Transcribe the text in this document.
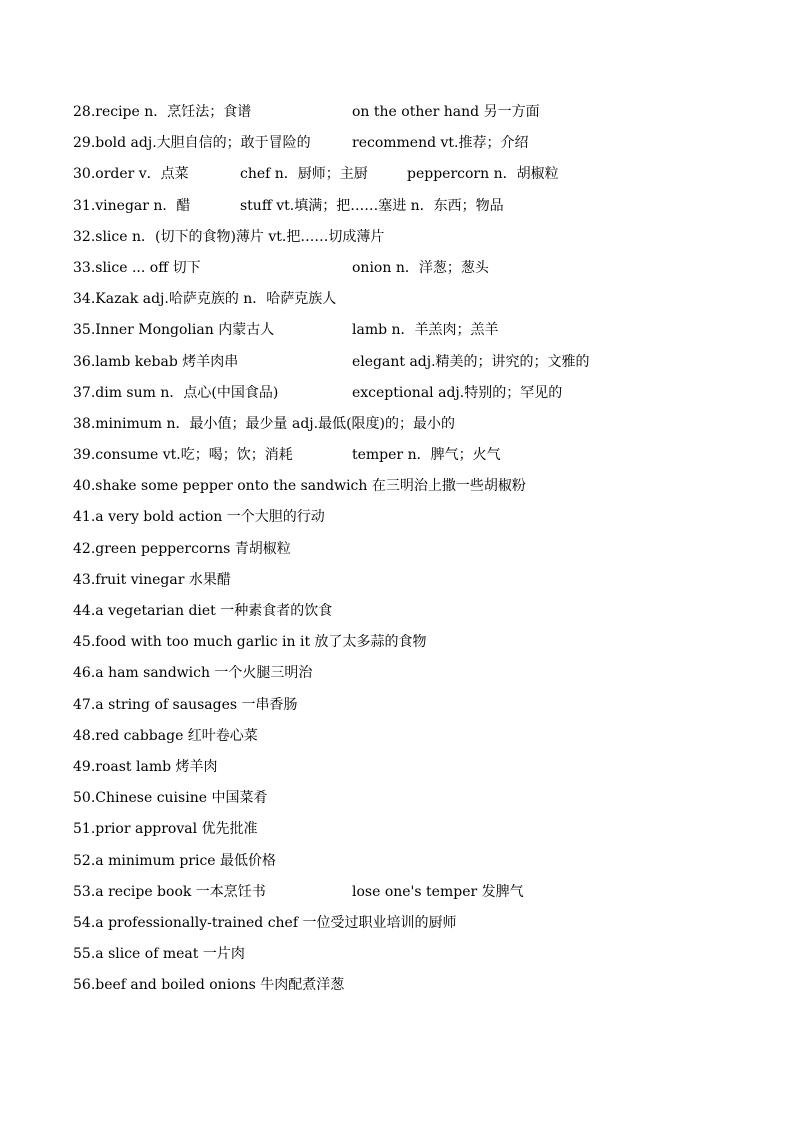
28.recipe n．烹饪法；食谱	on the other hand 另一方面
29.bold adj.大胆自信的；敢于冒险的	recommend vt.推荐；介绍
30.order v．点菜	chef n．厨师；主厨	peppercorn n．胡椒粒
31.vinegar n．醋	stuff vt.填满；把……塞进 n．东西；物品
32.slice n．(切下的食物)薄片 vt.把……切成薄片
33.slice ... off 切下	onion n．洋葱；葱头
34.Kazak adj.哈萨克族的 n．哈萨克族人
35.Inner Mongolian 内蒙古人	lamb n．羊羔肉；羔羊
36.lamb kebab 烤羊肉串	elegant adj.精美的；讲究的；文雅的
37.dim sum n．点心(中国食品)	exceptional adj.特别的；罕见的
38.minimum n．最小值；最少量 adj.最低(限度)的；最小的
39.consume vt.吃；喝；饮；消耗	temper n．脾气；火气
40.shake some pepper onto the sandwich 在三明治上撒一些胡椒粉
41.a very bold action 一个大胆的行动
42.green peppercorns 青胡椒粒
43.fruit vinegar 水果醋
44.a vegetarian diet 一种素食者的饮食
45.food with too much garlic in it 放了太多蒜的食物
46.a ham sandwich 一个火腿三明治
47.a string of sausages 一串香肠
48.red cabbage 红叶卷心菜
49.roast lamb 烤羊肉
50.Chinese cuisine 中国菜肴
51.prior approval 优先批准
52.a minimum price 最低价格
53.a recipe book 一本烹饪书	lose one's temper 发脾气
54.a professionally-trained chef 一位受过职业培训的厨师
55.a slice of meat 一片肉
56.beef and boiled onions 牛肉配煮洋葱
